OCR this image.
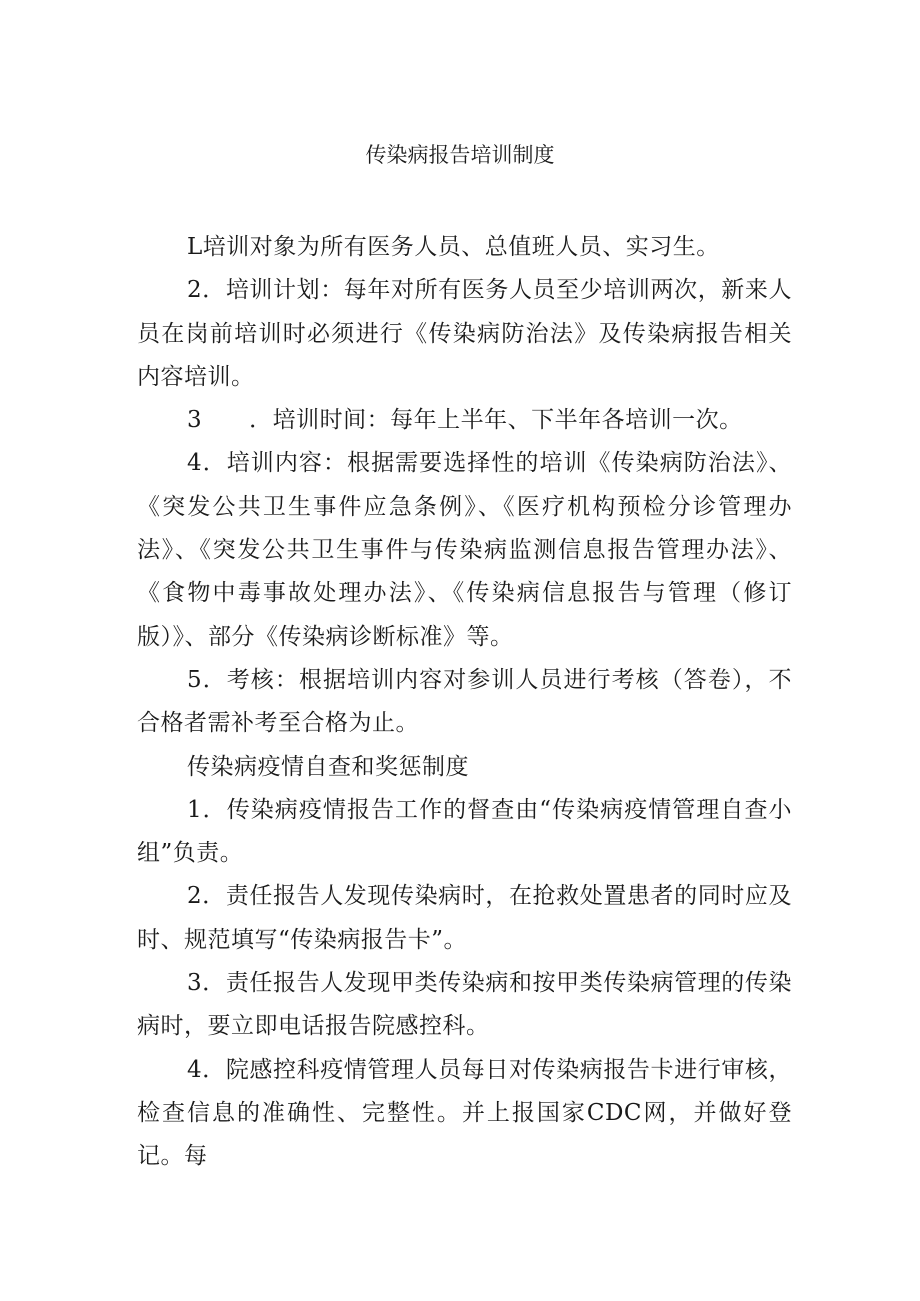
传染病报告培训制度

L培训对象为所有医务人员、总值班人员、实习生。

2．培训计划：每年对所有医务人员至少培训两次，新来人员在岗前培训时必须进行《传染病防治法》及传染病报告相关内容培训。

3　　．培训时间：每年上半年、下半年各培训一次。

4．培训内容：根据需要选择性的培训《传染病防治法》、《突发公共卫生事件应急条例》、《医疗机构预检分诊管理办法》、《突发公共卫生事件与传染病监测信息报告管理办法》、《食物中毒事故处理办法》、《传染病信息报告与管理（修订版）》、部分《传染病诊断标准》等。

5．考核：根据培训内容对参训人员进行考核（答卷），不合格者需补考至合格为止。

传染病疫情自查和奖惩制度

1．传染病疫情报告工作的督查由“传染病疫情管理自查小组”负责。

2．责任报告人发现传染病时，在抢救处置患者的同时应及时、规范填写“传染病报告卡”。

3．责任报告人发现甲类传染病和按甲类传染病管理的传染病时，要立即电话报告院感控科。

4．院感控科疫情管理人员每日对传染病报告卡进行审核，检查信息的准确性、完整性。并上报国家CDC网，并做好登记。每
